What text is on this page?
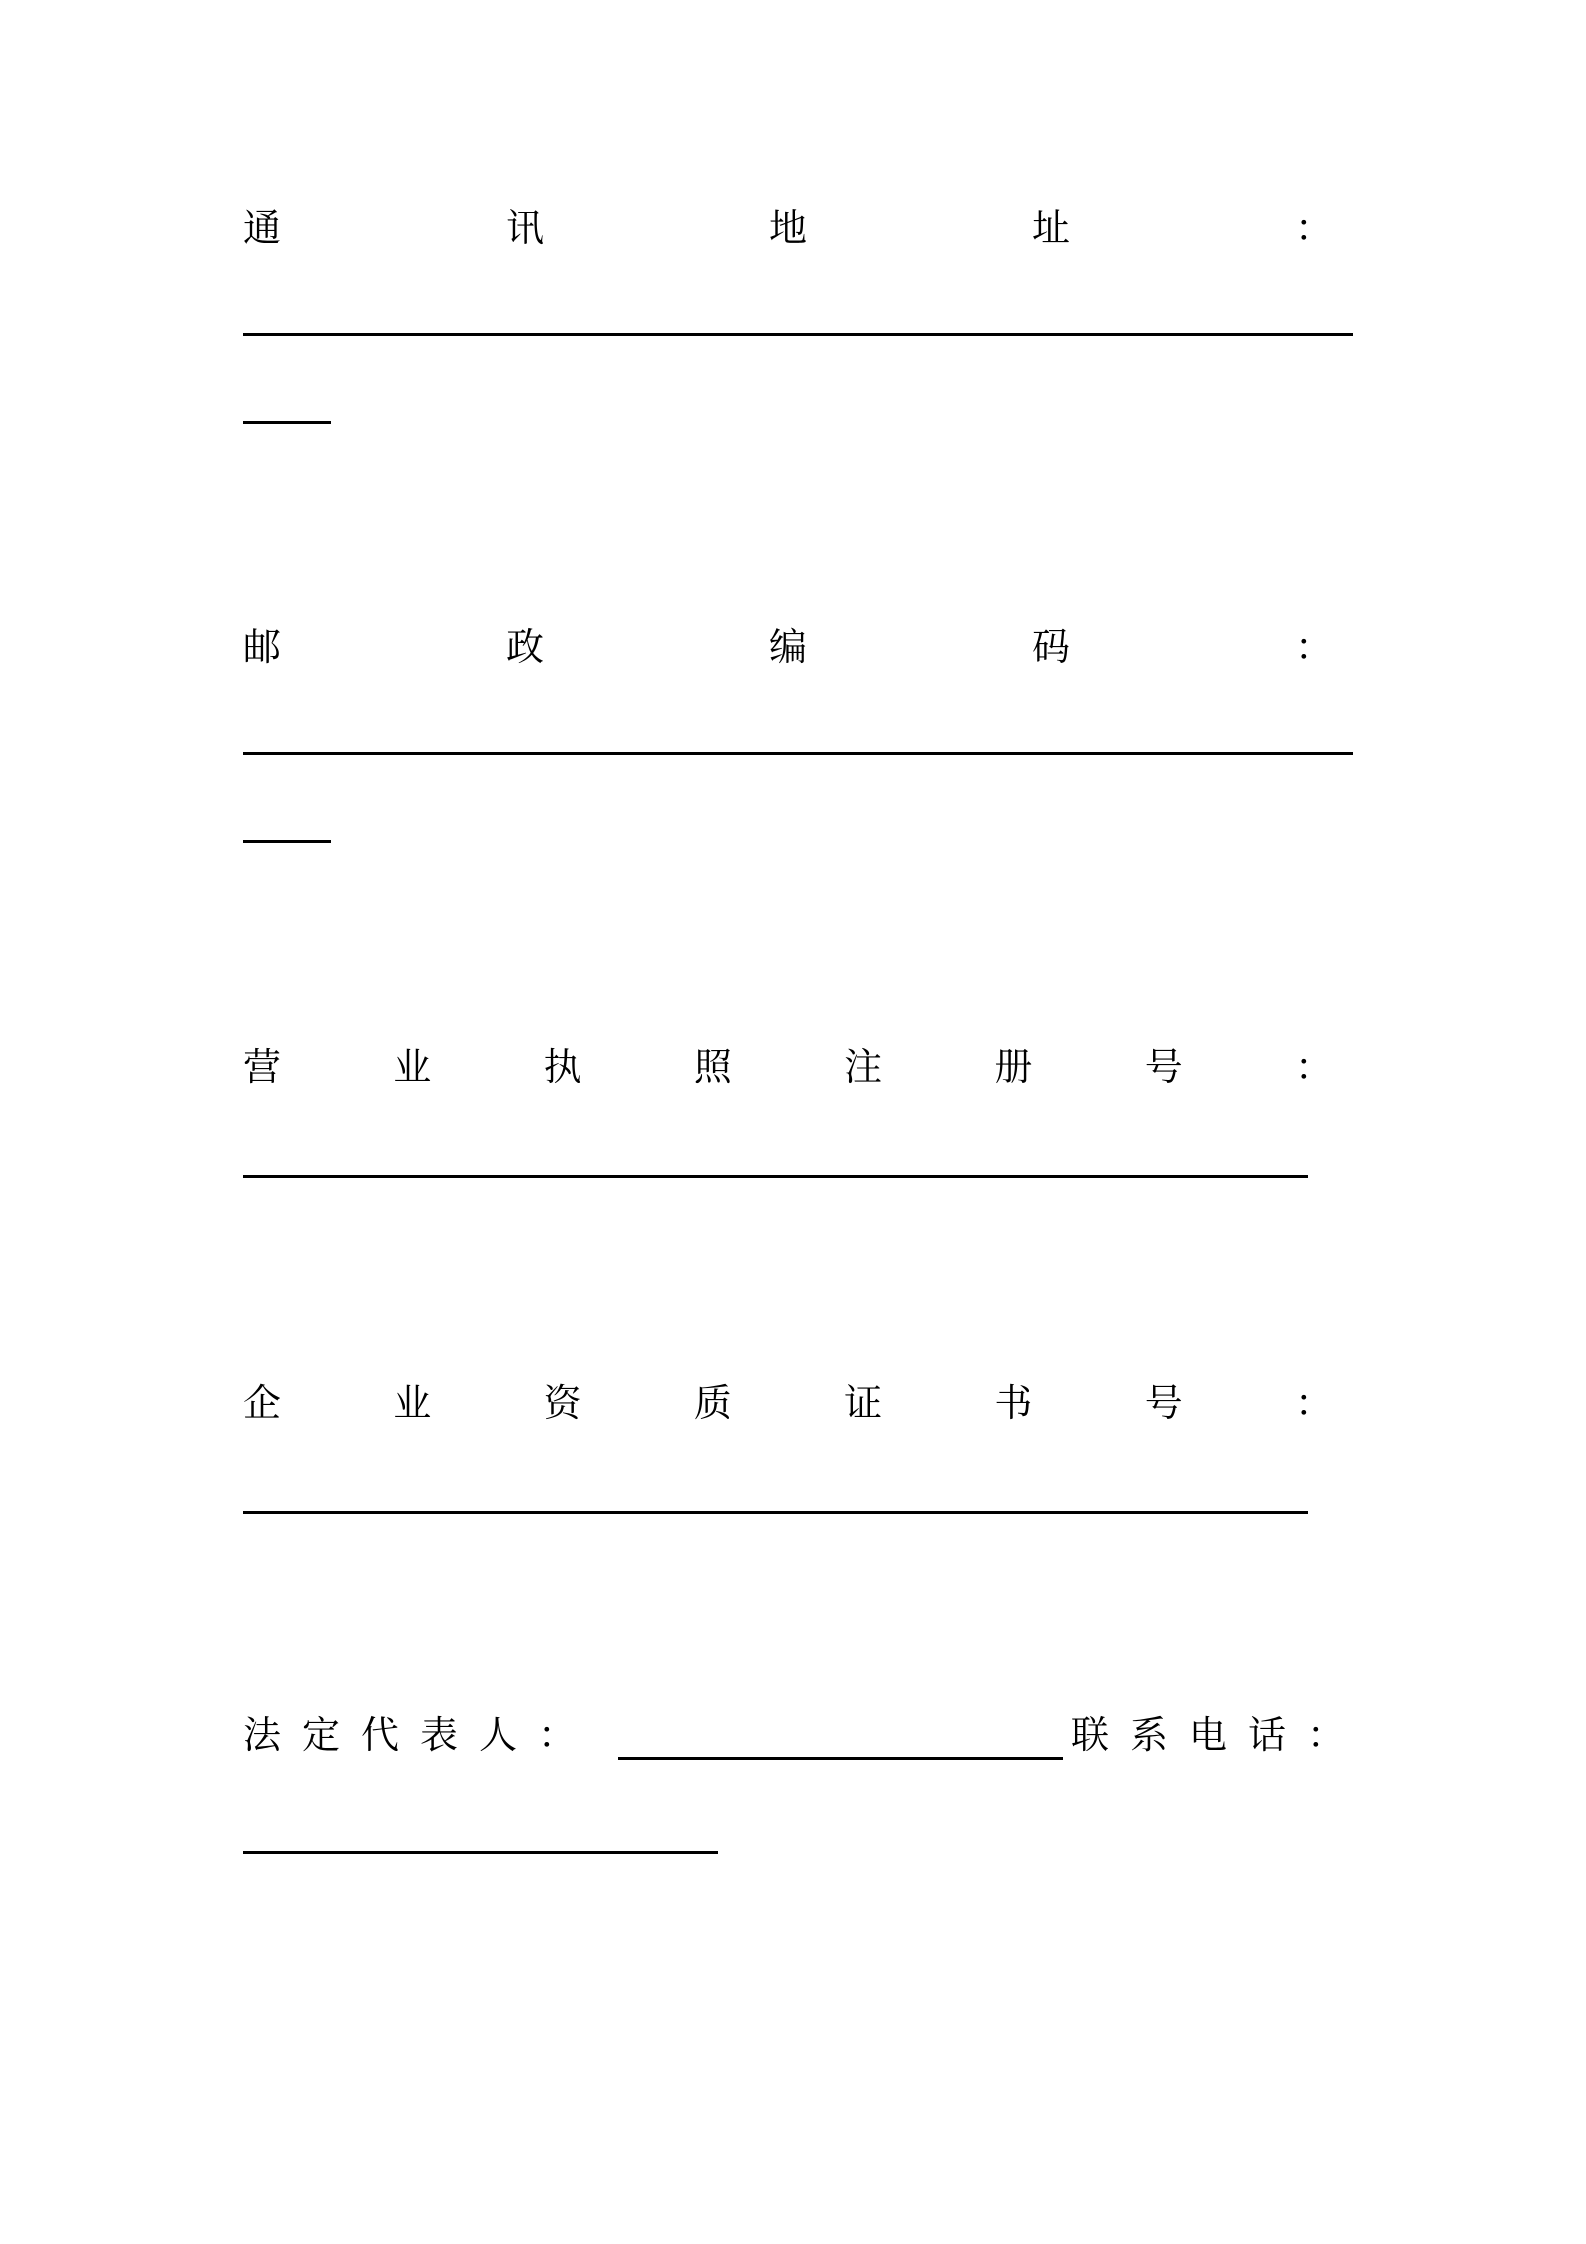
通	讯	地	址	：
邮	政	编	码	：
营	业	执	照	注	册	号	：
企	业	资	质	证	书	号	：
法定代表人：	联系电话：
